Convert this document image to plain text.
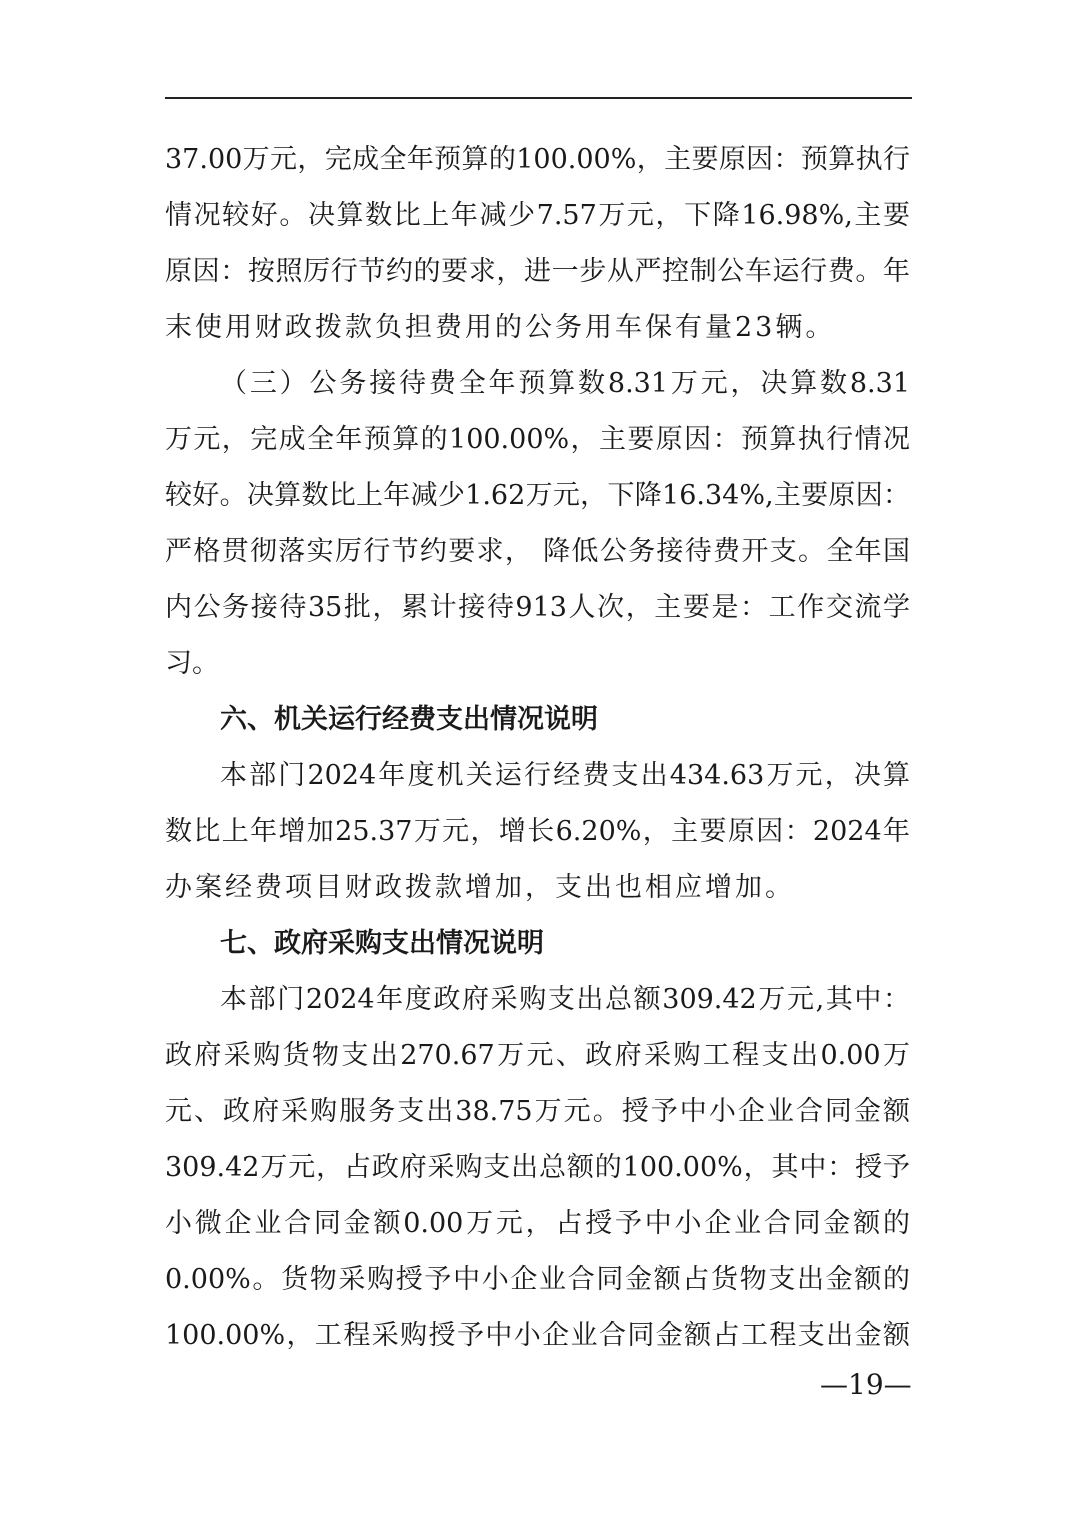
37.00万元，完成全年预算的100.00%，主要原因：预算执行
情况较好。决算数比上年减少7.57万元，下降16.98%,主要
原因：按照厉行节约的要求，进一步从严控制公车运行费。年
末使用财政拨款负担费用的公务用车保有量23辆。
（三）公务接待费全年预算数8.31万元，决算数8.31
万元，完成全年预算的100.00%，主要原因：预算执行情况
较好。决算数比上年减少1.62万元，下降16.34%,主要原因：
严格贯彻落实厉行节约要求， 降低公务接待费开支。全年国
内公务接待35批，累计接待913人次，主要是：工作交流学
习。
六、机关运行经费支出情况说明
本部门2024年度机关运行经费支出434.63万元，决算
数比上年增加25.37万元，增长6.20%，主要原因：2024年
办案经费项目财政拨款增加，支出也相应增加。
七、政府采购支出情况说明
本部门2024年度政府采购支出总额309.42万元,其中：
政府采购货物支出270.67万元、政府采购工程支出0.00万
元、政府采购服务支出38.75万元。授予中小企业合同金额
309.42万元，占政府采购支出总额的100.00%，其中：授予
小微企业合同金额0.00万元，占授予中小企业合同金额的
0.00%。货物采购授予中小企业合同金额占货物支出金额的
100.00%，工程采购授予中小企业合同金额占工程支出金额
—19—
